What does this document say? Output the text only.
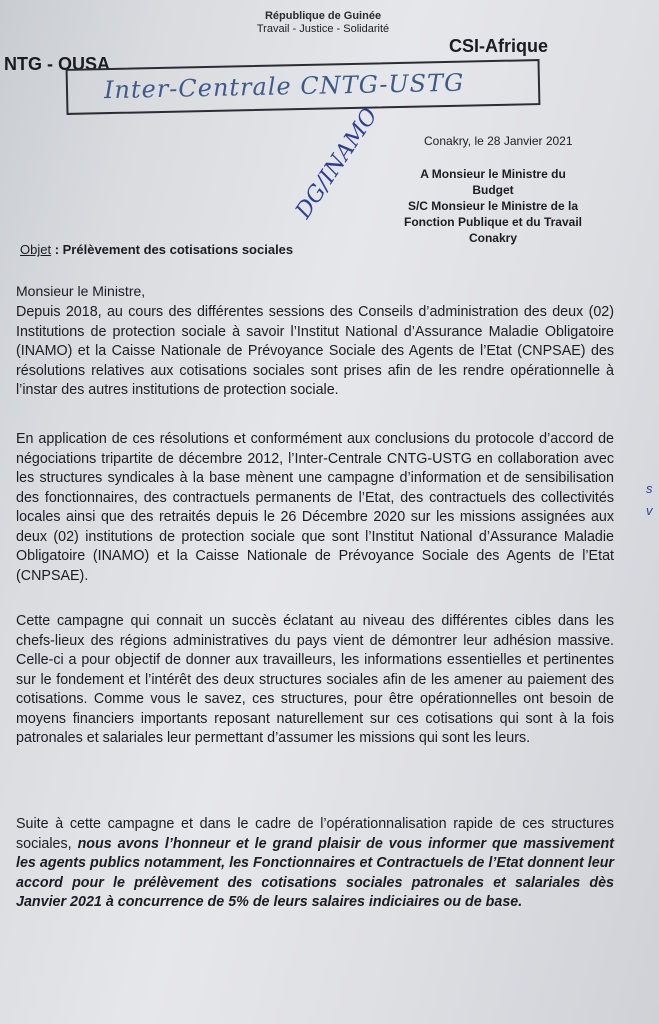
République de Guinée
Travail - Justice - Solidarité
NTG - OUSA
CSI-Afrique
Inter-Centrale CNTG-USTG
Conakry, le 28 Janvier 2021
A Monsieur le Ministre du Budget
S/C Monsieur le Ministre de la
Fonction Publique et du Travail
Conakry
DG/INAMO
Objet : Prélèvement des cotisations sociales
Monsieur le Ministre,

Depuis 2018, au cours des différentes sessions des Conseils d’administration des deux (02) Institutions de protection sociale à savoir l’Institut National d’Assurance Maladie Obligatoire (INAMO) et la Caisse Nationale de Prévoyance Sociale des Agents de l’Etat (CNPSAE) des résolutions relatives aux cotisations sociales sont prises afin de les rendre opérationnelle à l’instar des autres institutions de protection sociale.

En application de ces résolutions et conformément aux conclusions du protocole d’accord de négociations tripartite de décembre 2012, l’Inter-Centrale CNTG-USTG en collaboration avec les structures syndicales à la base mènent une campagne d’information et de sensibilisation des fonctionnaires, des contractuels permanents de l’Etat, des contractuels des collectivités locales ainsi que des retraités depuis le 26 Décembre 2020 sur les missions assignées aux deux (02) institutions de protection sociale que sont l’Institut National d’Assurance Maladie Obligatoire (INAMO) et la Caisse Nationale de Prévoyance Sociale des Agents de l’Etat (CNPSAE).

Cette campagne qui connait un succès éclatant au niveau des différentes cibles dans les chefs-lieux des régions administratives du pays vient de démontrer leur adhésion massive. Celle-ci a pour objectif de donner aux travailleurs, les informations essentielles et pertinentes sur le fondement et l’intérêt des deux structures sociales afin de les amener au paiement des cotisations. Comme vous le savez, ces structures, pour être opérationnelles ont besoin de moyens financiers importants reposant naturellement sur ces cotisations qui sont à la fois patronales et salariales leur permettant d’assumer les missions qui sont les leurs.

Suite à cette campagne et dans le cadre de l’opérationnalisation rapide de ces structures sociales, nous avons l’honneur et le grand plaisir de vous informer que massivement les agents publics notamment, les Fonctionnaires et Contractuels de l’Etat donnent leur accord pour le prélèvement des cotisations sociales patronales et salariales dès Janvier 2021 à concurrence de 5% de leurs salaires indiciaires ou de base.

s
v
